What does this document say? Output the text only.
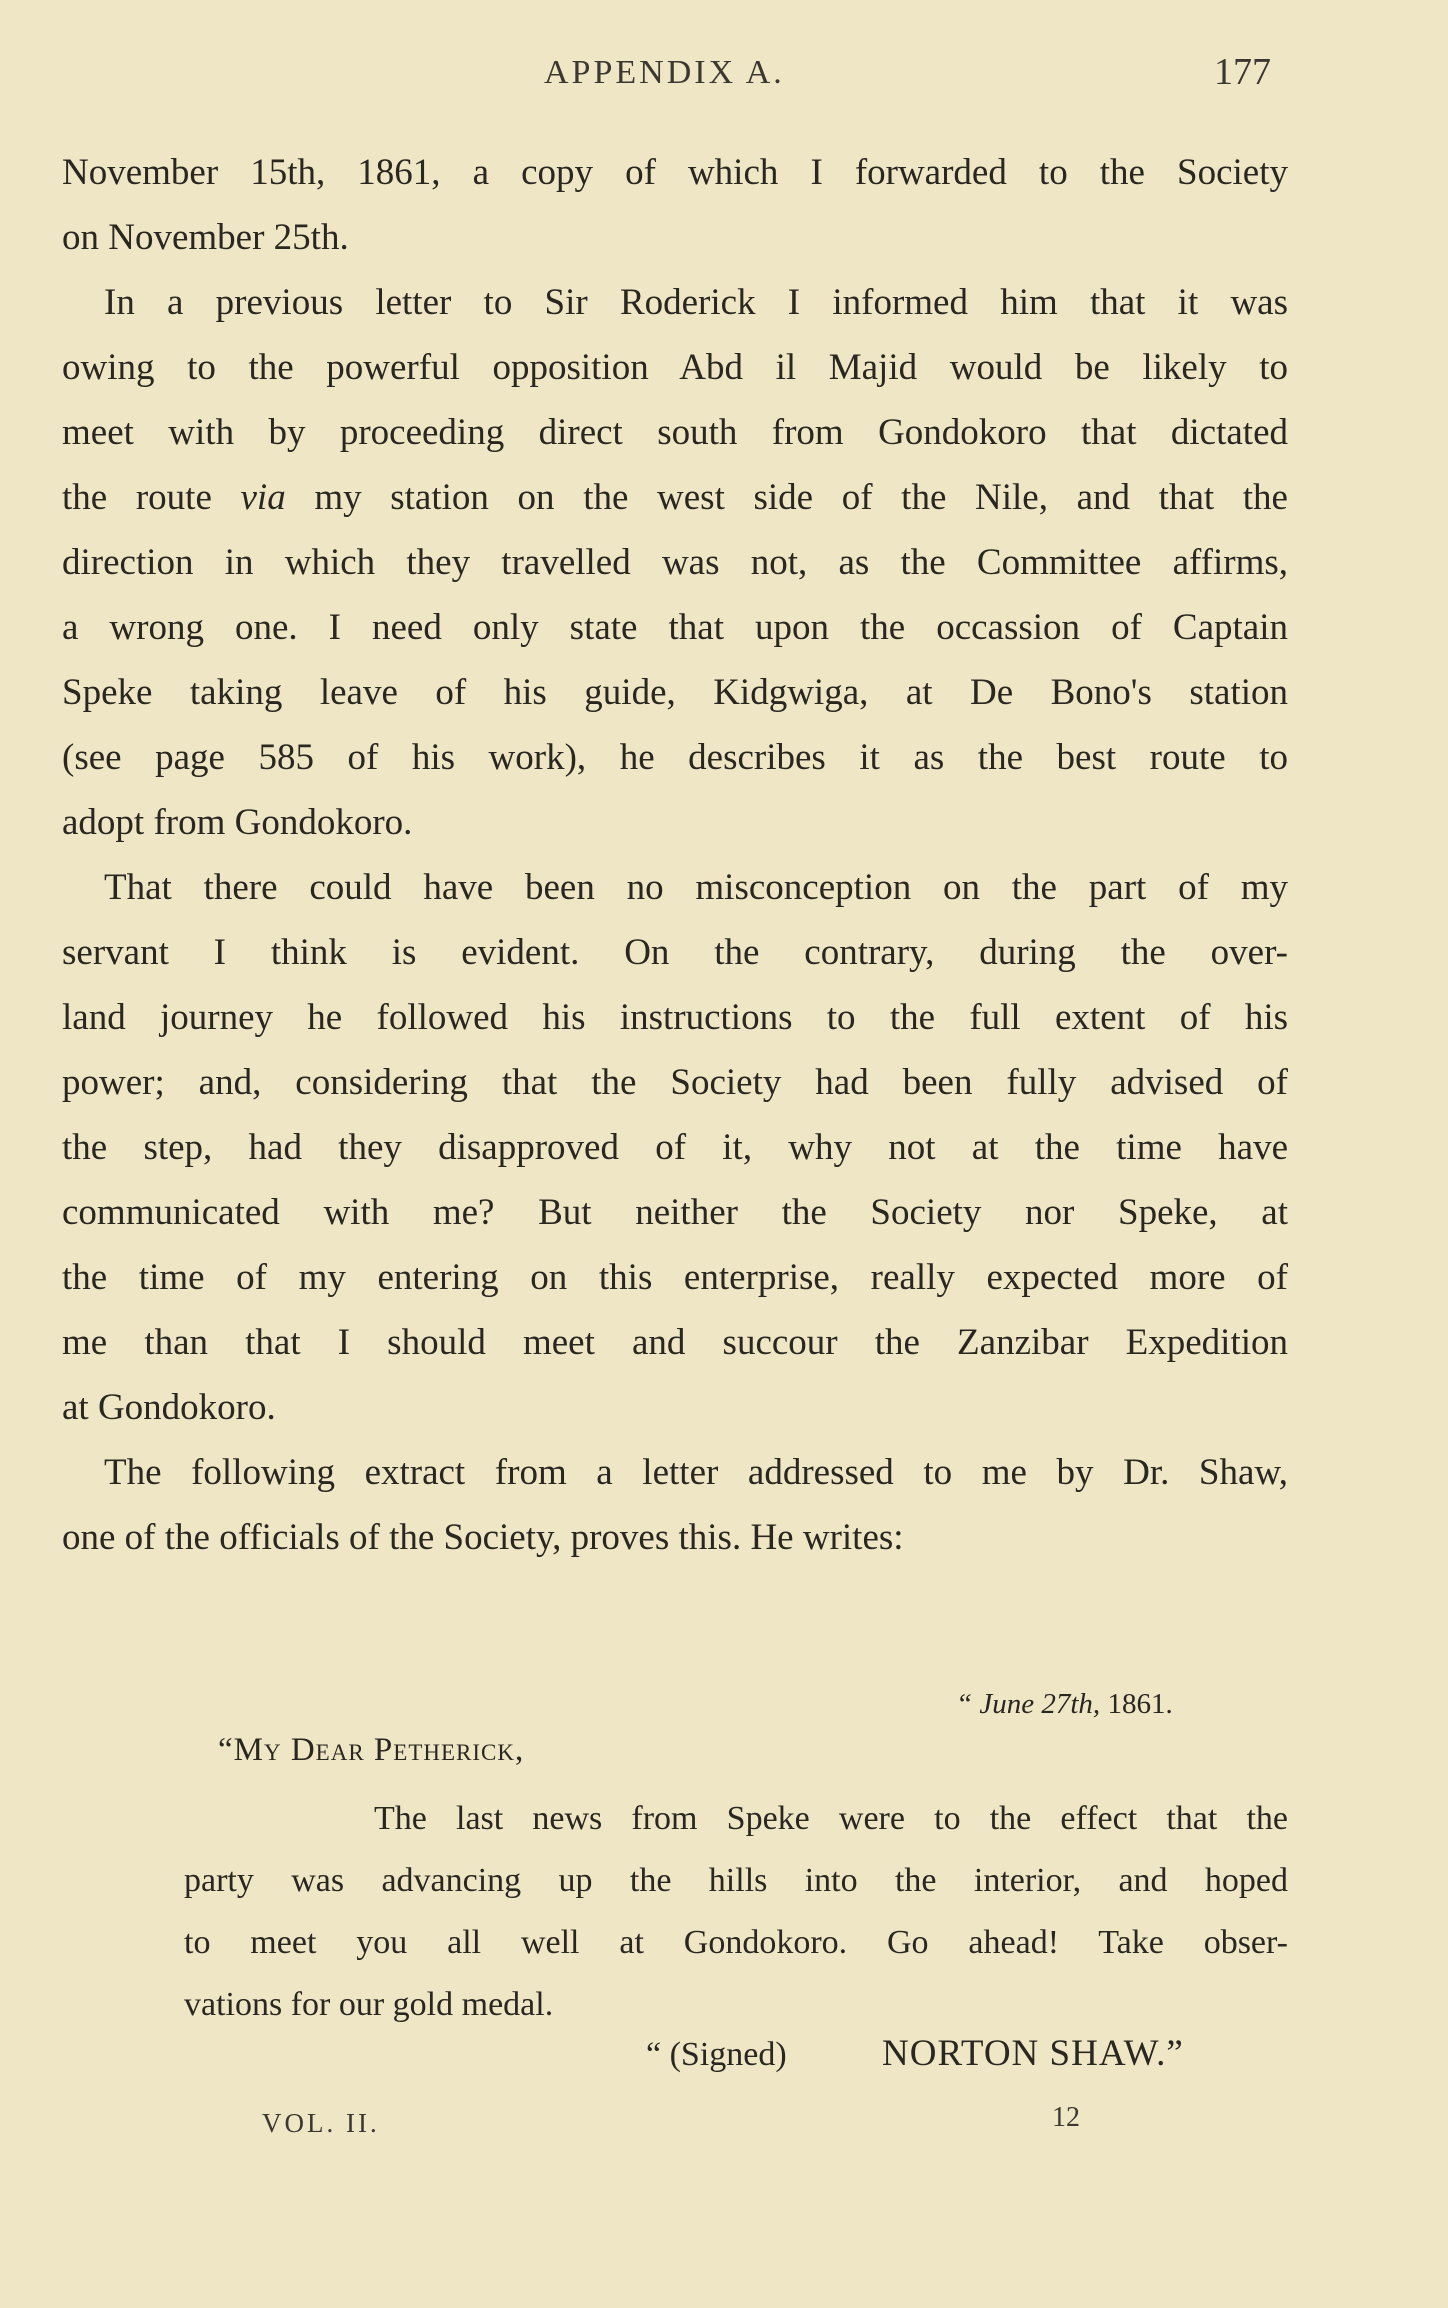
APPENDIX A.	177
November 15th, 1861, a copy of which I forwarded to the Society
on November 25th.
In a previous letter to Sir Roderick I informed him that it was
owing to the powerful opposition Abd il Majid would be likely to
meet with by proceeding direct south from Gondokoro that dictated
the route via my station on the west side of the Nile, and that the
direction in which they travelled was not, as the Committee affirms,
a wrong one. I need only state that upon the occassion of Captain
Speke taking leave of his guide, Kidgwiga, at De Bono's station
(see page 585 of his work), he describes it as the best route to
adopt from Gondokoro.
That there could have been no misconception on the part of my
servant I think is evident. On the contrary, during the over-
land journey he followed his instructions to the full extent of his
power; and, considering that the Society had been fully advised of
the step, had they disapproved of it, why not at the time have
communicated with me? But neither the Society nor Speke, at
the time of my entering on this enterprise, really expected more of
me than that I should meet and succour the Zanzibar Expedition
at Gondokoro.
The following extract from a letter addressed to me by Dr. Shaw,
one of the officials of the Society, proves this. He writes:
“ June 27th, 1861.
“My Dear Petherick,
The last news from Speke were to the effect that the
party was advancing up the hills into the interior, and hoped
to meet you all well at Gondokoro. Go ahead! Take obser-
vations for our gold medal.
“ (Signed)	NORTON SHAW.”
VOL. II.	12
